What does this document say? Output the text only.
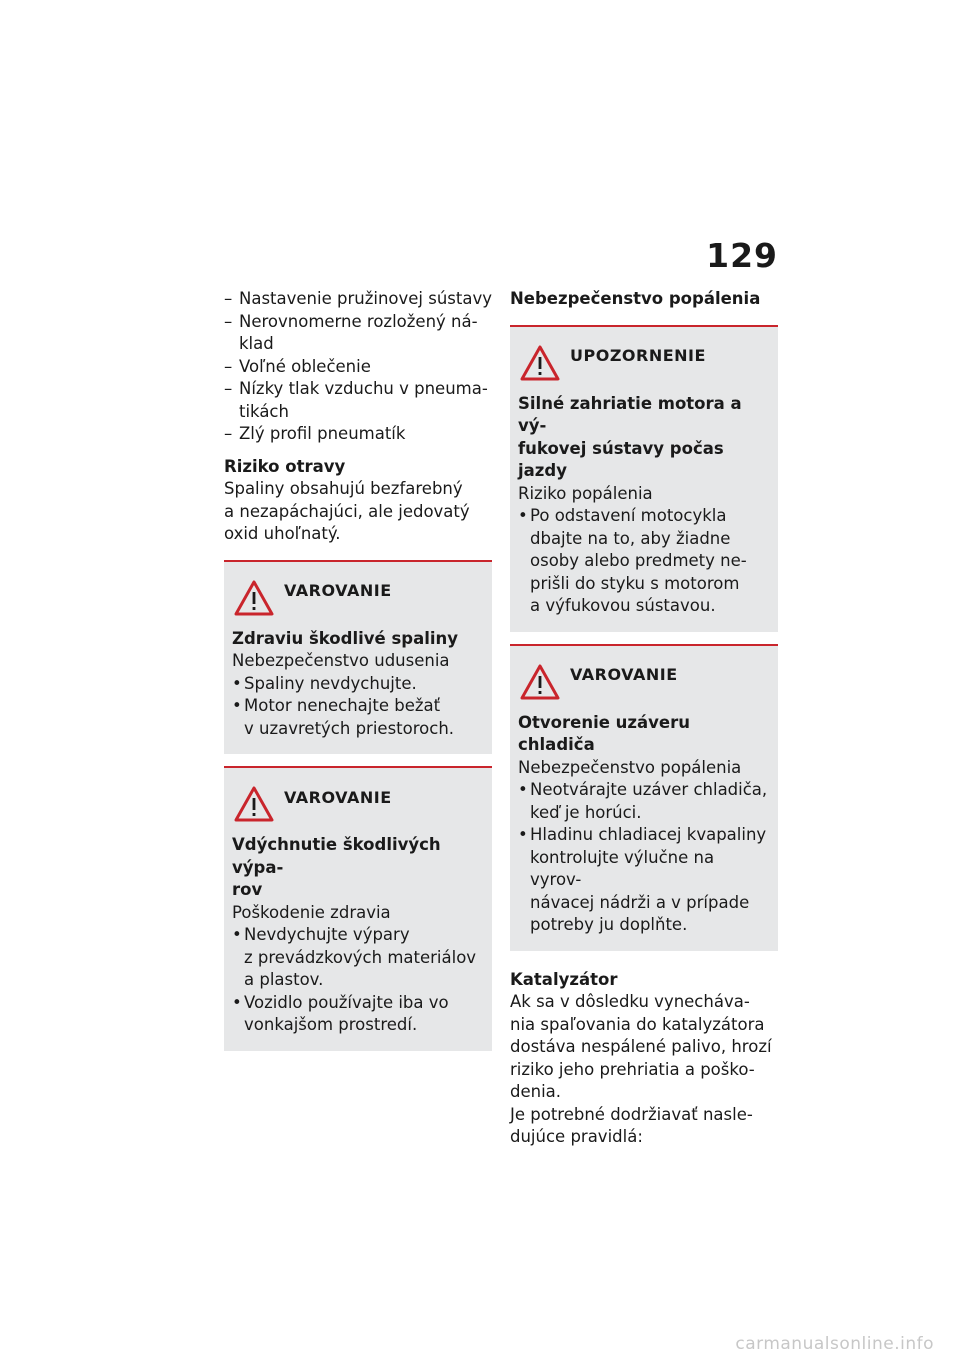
129
– Nastavenie pružinovej sústavy
– Nerovnomerne rozložený ná-
klad
– Voľné oblečenie
– Nízky tlak vzduchu v pneuma-
tikách
– Zlý profil pneumatík

Riziko otravy

Spaliny obsahujú bezfarebný
a nezapáchajúci, ale jedovatý
oxid uhoľnatý.

VAROVANIE

Zdraviu škodlivé spaliny

Nebezpečenstvo udusenia

• Spaliny nevdychujte.
• Motor nenechajte bežať
v uzavretých priestoroch.
VAROVANIE

Vdýchnutie škodlivých výpa-
rov

Poškodenie zdravia

• Nevdychujte výpary
z prevádzkových materiálov
a plastov.
• Vozidlo používajte iba vo
vonkajšom prostredí.

Nebezpečenstvo popálenia

UPOZORNENIE

Silné zahriatie motora a vý-
fukovej sústavy počas jazdy

Riziko popálenia

• Po odstavení motocykla
dbajte na to, aby žiadne
osoby alebo predmety ne-
prišli do styku s motorom
a výfukovou sústavou.
VAROVANIE

Otvorenie uzáveru chladiča

Nebezpečenstvo popálenia

• Neotvárajte uzáver chladiča,
keď je horúci.
• Hladinu chladiacej kvapaliny
kontrolujte výlučne na vyrov-
návacej nádrži a v prípade
potreby ju doplňte.

Katalyzátor

Ak sa v dôsledku vynecháva-
nia spaľovania do katalyzátora
dostáva nespálené palivo, hrozí
riziko jeho prehriatia a poško-
denia.
Je potrebné dodržiavať nasle-
dujúce pravidlá:

carmanualsonline.info
